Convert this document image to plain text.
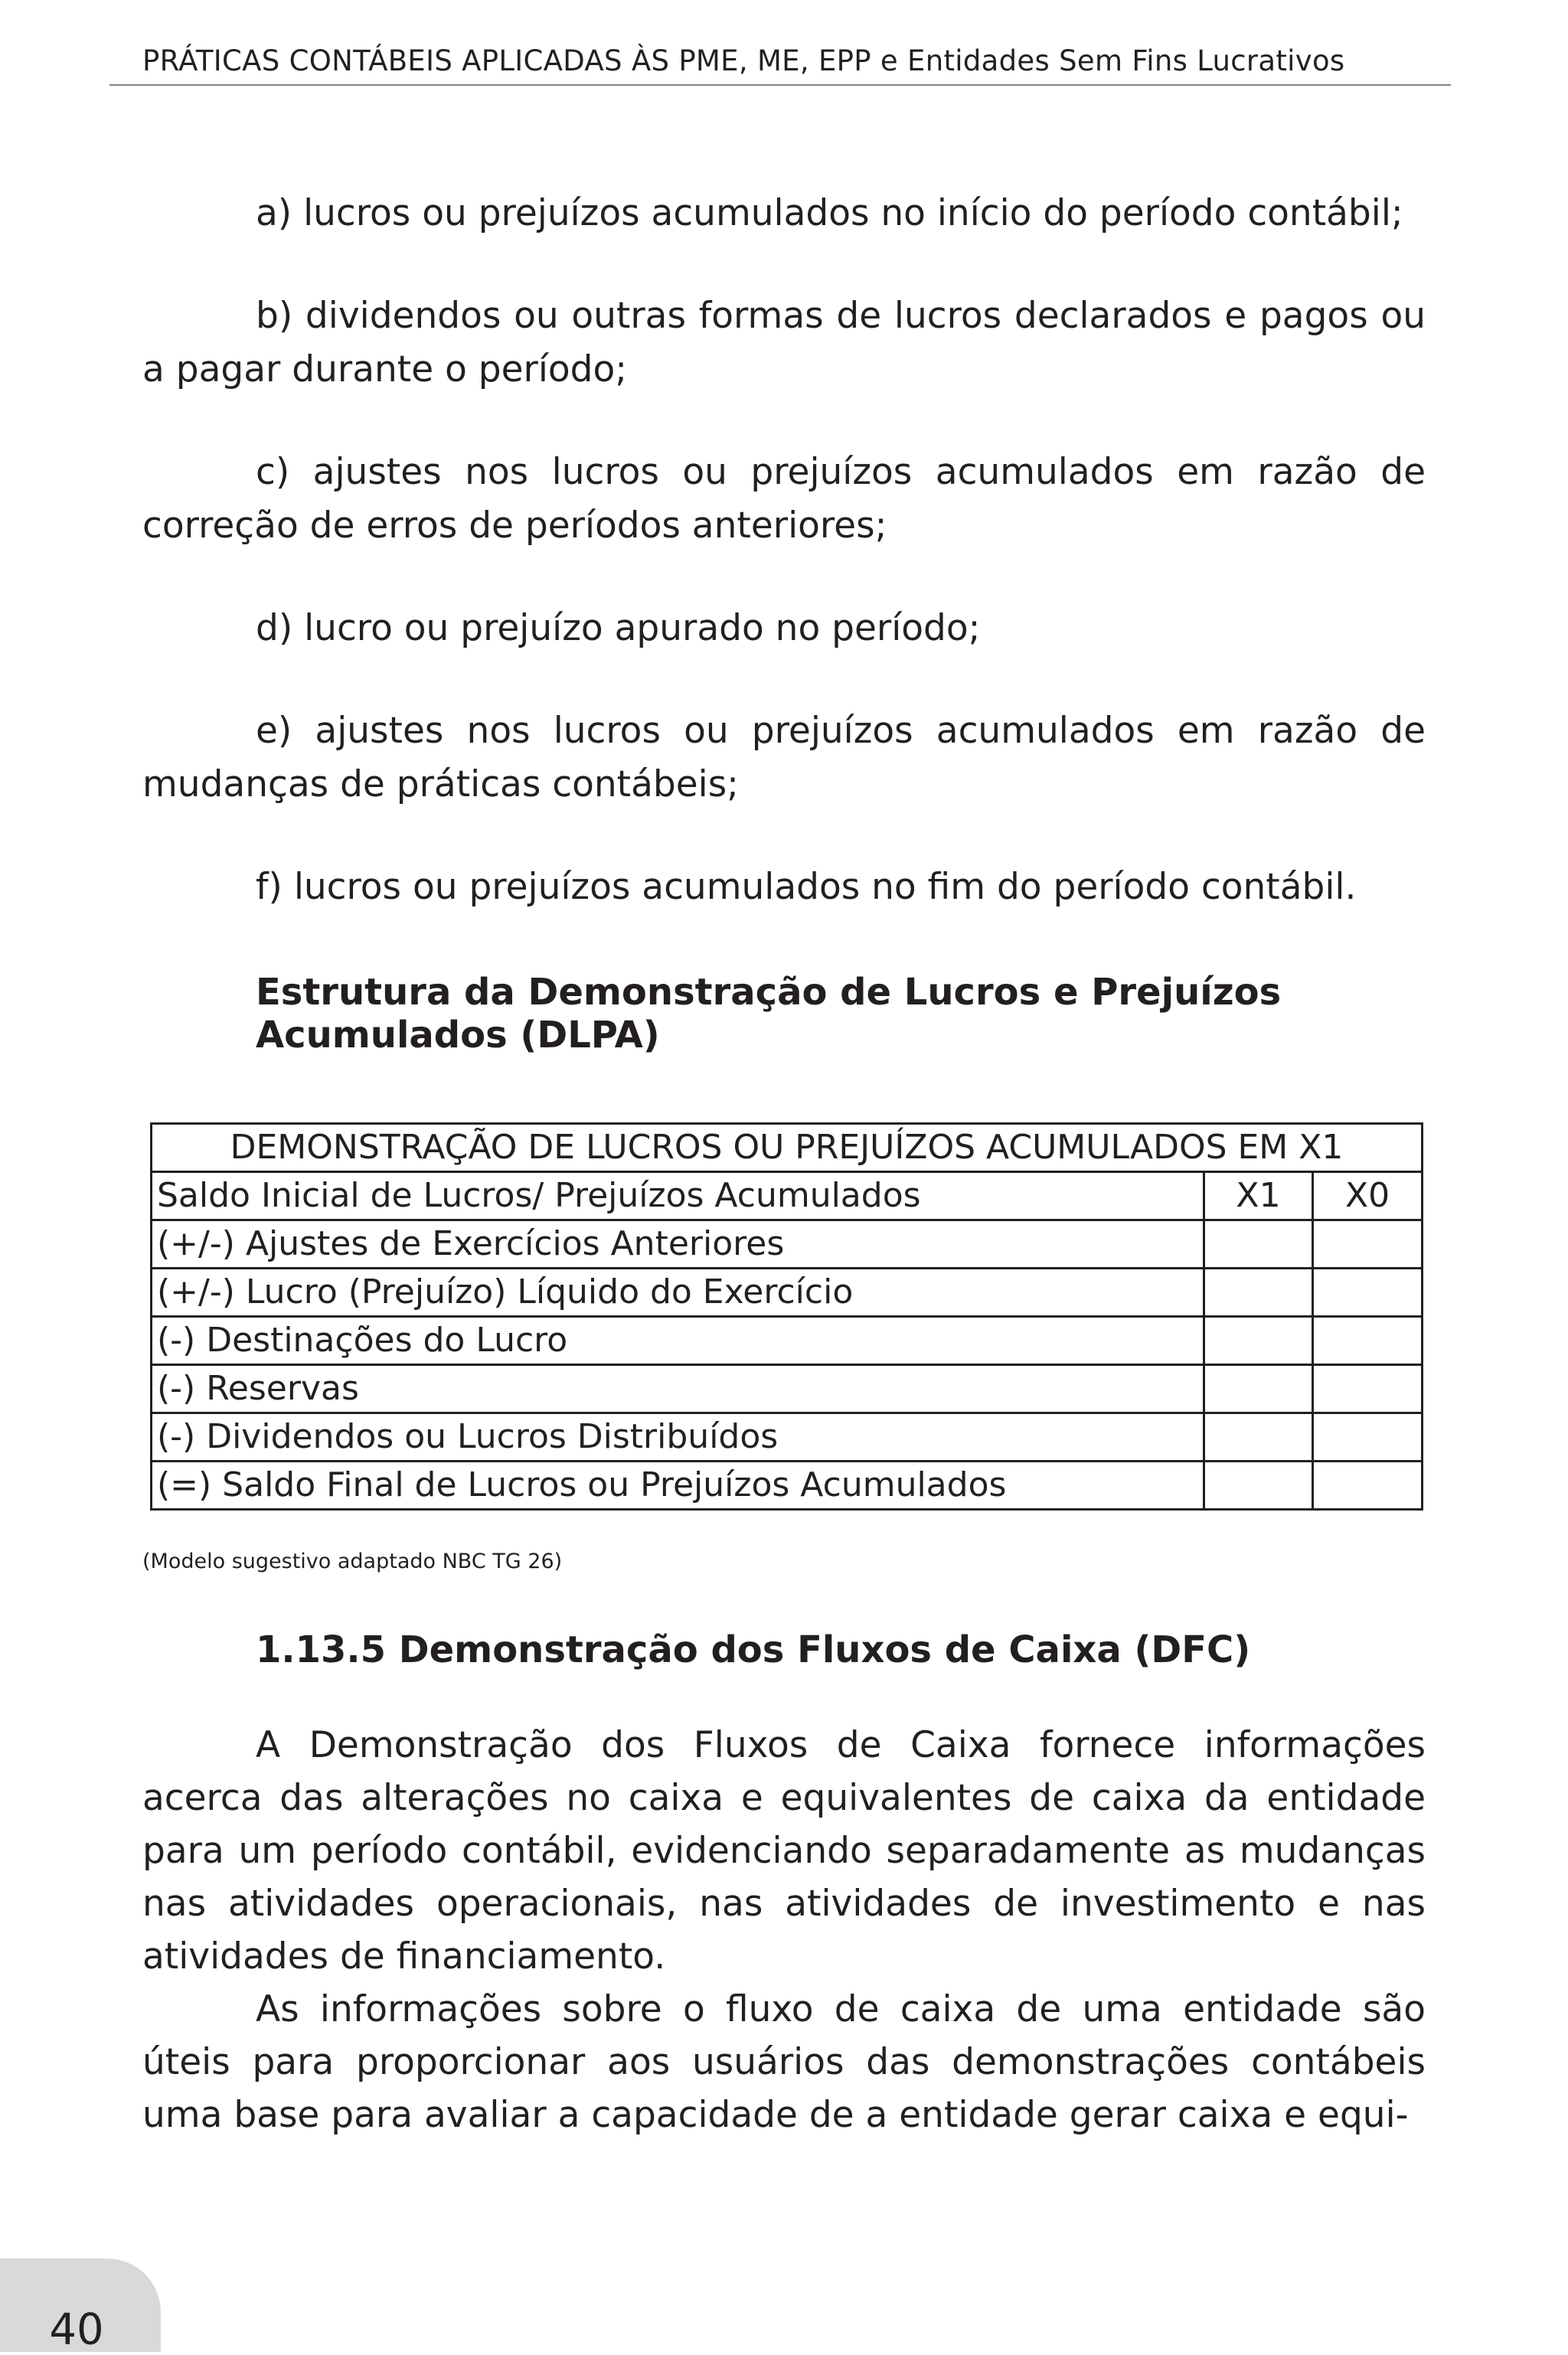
PRÁTICAS CONTÁBEIS APLICADAS ÀS PME, ME, EPP e Entidades Sem Fins Lucrativos

a) lucros ou prejuízos acumulados no início do período contábil;

b) dividendos ou outras formas de lucros declarados e pagos ou a pagar durante o período;

c) ajustes nos lucros ou prejuízos acumulados em razão de correção de erros de períodos anteriores;

d) lucro ou prejuízo apurado no período;

e) ajustes nos lucros ou prejuízos acumulados em razão de mudanças de práticas contábeis;

f) lucros ou prejuízos acumulados no fim do período contábil.

Estrutura da Demonstração de Lucros e Prejuízos Acumulados (DLPA)
DEMONSTRAÇÃO DE LUCROS OU PREJUÍZOS ACUMULADOS EM X1		
Saldo Inicial de Lucros/ Prejuízos Acumulados	X1	X0
(+/-) Ajustes de Exercícios Anteriores		
(+/-) Lucro (Prejuízo) Líquido do Exercício		
(-) Destinações do Lucro		
(-) Reservas		
(-) Dividendos ou Lucros Distribuídos		
(=) Saldo Final de Lucros ou Prejuízos Acumulados		

(Modelo sugestivo adaptado NBC TG 26)

1.13.5 Demonstração dos Fluxos de Caixa (DFC)

A Demonstração dos Fluxos de Caixa fornece informações acerca das alterações no caixa e equivalentes de caixa da entidade para um período contábil, evidenciando separadamente as mudanças nas atividades operacionais, nas atividades de investimento e nas atividades de financiamento.

As informações sobre o fluxo de caixa de uma entidade são úteis para proporcionar aos usuários das demonstrações contábeis uma base para avaliar a capacidade de a entidade gerar caixa e equi-

40
